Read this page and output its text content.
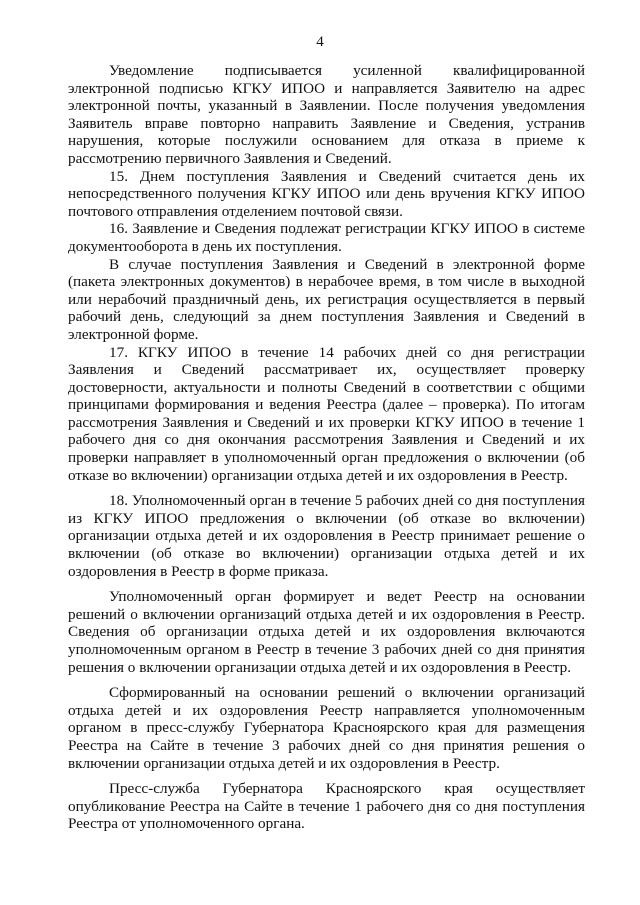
4

Уведомление подписывается усиленной квалифицированной электронной подписью КГКУ ИПОО и направляется Заявителю на адрес электронной почты, указанный в Заявлении. После получения уведомления Заявитель вправе повторно направить Заявление и Сведения, устранив нарушения, которые послужили основанием для отказа в приеме к рассмотрению первичного Заявления и Сведений.

15. Днем поступления Заявления и Сведений считается день их непосредственного получения КГКУ ИПОО или день вручения КГКУ ИПОО почтового отправления отделением почтовой связи.

16. Заявление и Сведения подлежат регистрации КГКУ ИПОО в системе документооборота в день их поступления.

В случае поступления Заявления и Сведений в электронной форме (пакета электронных документов) в нерабочее время, в том числе в выходной или нерабочий праздничный день, их регистрация осуществляется в первый рабочий день, следующий за днем поступления Заявления и Сведений в электронной форме.

17. КГКУ ИПОО в течение 14 рабочих дней со дня регистрации Заявления и Сведений рассматривает их, осуществляет проверку достоверности, актуальности и полноты Сведений в соответствии с общими принципами формирования и ведения Реестра (далее – проверка). По итогам рассмотрения Заявления и Сведений и их проверки КГКУ ИПОО в течение 1 рабочего дня со дня окончания рассмотрения Заявления и Сведений и их проверки направляет в уполномоченный орган предложения о включении (об отказе во включении) организации отдыха детей и их оздоровления в Реестр.

18. Уполномоченный орган в течение 5 рабочих дней со дня поступления из КГКУ ИПОО предложения о включении (об отказе во включении) организации отдыха детей и их оздоровления в Реестр принимает решение о включении (об отказе во включении) организации отдыха детей и их оздоровления в Реестр в форме приказа.

Уполномоченный орган формирует и ведет Реестр на основании решений о включении организаций отдыха детей и их оздоровления в Реестр. Сведения об организации отдыха детей и их оздоровления включаются уполномоченным органом в Реестр в течение 3 рабочих дней со дня принятия решения о включении организации отдыха детей и их оздоровления в Реестр.

Сформированный на основании решений о включении организаций отдыха детей и их оздоровления Реестр направляется уполномоченным органом в пресс-службу Губернатора Красноярского края для размещения Реестра на Сайте в течение 3 рабочих дней со дня принятия решения о включении организации отдыха детей и их оздоровления в Реестр.

Пресс-служба Губернатора Красноярского края осуществляет опубликование Реестра на Сайте в течение 1 рабочего дня со дня поступления Реестра от уполномоченного органа.
